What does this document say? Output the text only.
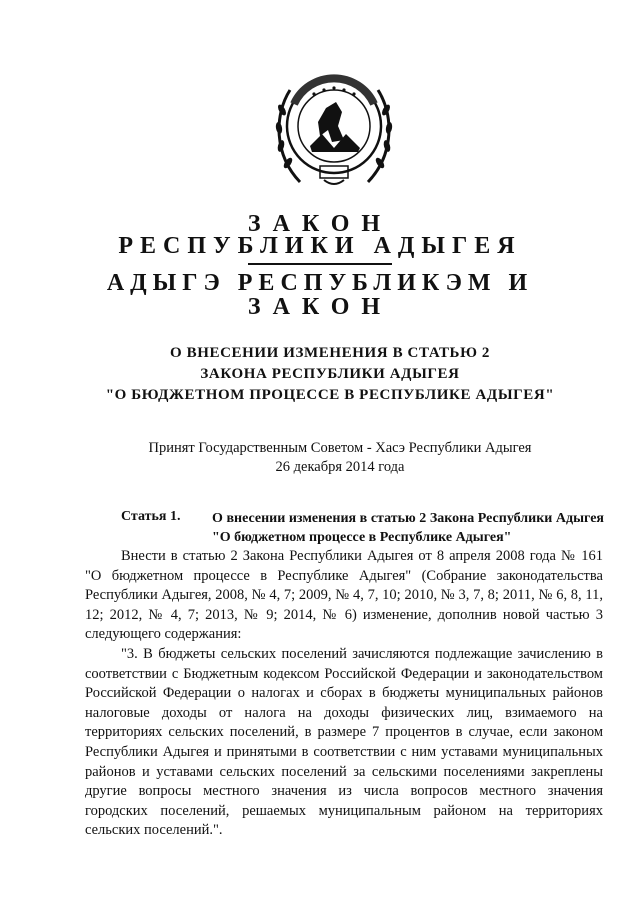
ЗАКОН
РЕСПУБЛИКИ АДЫГЕЯ
АДЫГЭ РЕСПУБЛИКЭМ И
ЗАКОН
О ВНЕСЕНИИ ИЗМЕНЕНИЯ В СТАТЬЮ 2
ЗАКОНА РЕСПУБЛИКИ АДЫГЕЯ
"О БЮДЖЕТНОМ ПРОЦЕССЕ В РЕСПУБЛИКЕ АДЫГЕЯ"
Принят Государственным Советом - Хасэ Республики Адыгея
26 декабря 2014 года
Статья 1. О внесении изменения в статью 2 Закона Республики Адыгея "О бюджетном процессе в Республике Адыгея"

Внести в статью 2 Закона Республики Адыгея от 8 апреля 2008 года № 161 "О бюджетном процессе в Республике Адыгея" (Собрание законодательства Республики Адыгея, 2008, № 4, 7; 2009, № 4, 7, 10; 2010, № 3, 7, 8; 2011, № 6, 8, 11, 12; 2012, № 4, 7; 2013, № 9; 2014, № 6) изменение, дополнив новой частью 3 следующего содержания:

"3. В бюджеты сельских поселений зачисляются подлежащие зачислению в соответствии с Бюджетным кодексом Российской Федерации и законодательством Российской Федерации о налогах и сборах в бюджеты муниципальных районов налоговые доходы от налога на доходы физических лиц, взимаемого на территориях сельских поселений, в размере 7 процентов в случае, если законом Республики Адыгея и принятыми в соответствии с ним уставами муниципальных районов и уставами сельских поселений за сельскими поселениями закреплены другие вопросы местного значения из числа вопросов местного значения городских поселений, решаемых муниципальным районом на территориях сельских поселений.".
